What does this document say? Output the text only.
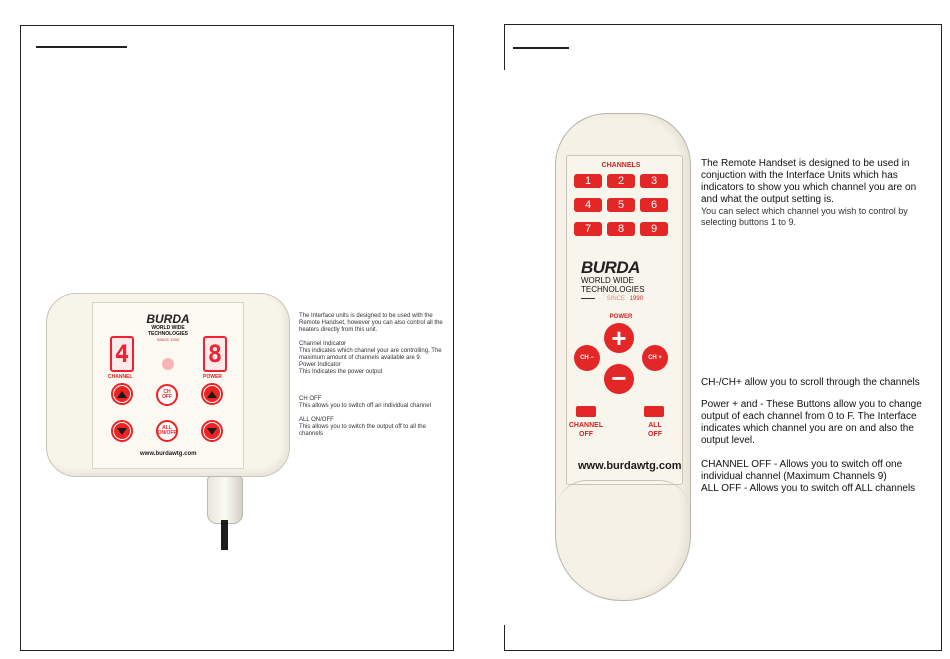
BURDA
WORLD WIDE
TECHNOLOGIES
SINCE 1990
4	8
CHANNEL	POWER
CH OFF
ALL ON/OFF
www.burdawtg.com

The Interface units is designed to be used with the Remote Handset, however you can also control all the heaters directly from this unit.

Channel Indicator

This indicates which channel your are controlling. The maximum amount of channels available are 9.

Power Indicator

This Indicates the power output

CH OFF

This allows you to switch off an individual channel

ALL ON/OFF

This allows you to switch the output off to all the channels

CHANNELS
1	2	3
4	5	6
7	8	9
BURDA
WORLD WIDE
TECHNOLOGIES
SINCE 1990
POWER
+
−
CH −	CH +
CHANNEL OFF
ALL OFF
www.burdawtg.com

The Remote Handset is designed to be used in conjuction with the Interface Units which has indicators to show you which channel you are on and what the output setting is.

You can select which channel you wish to control by selecting buttons 1 to 9.

CH-/CH+ allow you to scroll through the channels

Power + and - These Buttons allow you to change output of each channel from 0 to F. The Interface indicates which channel you are on and also the output level.

CHANNEL OFF - Allows you to switch off one individual channel (Maximum Channels 9)

ALL OFF - Allows you to switch off ALL channels
